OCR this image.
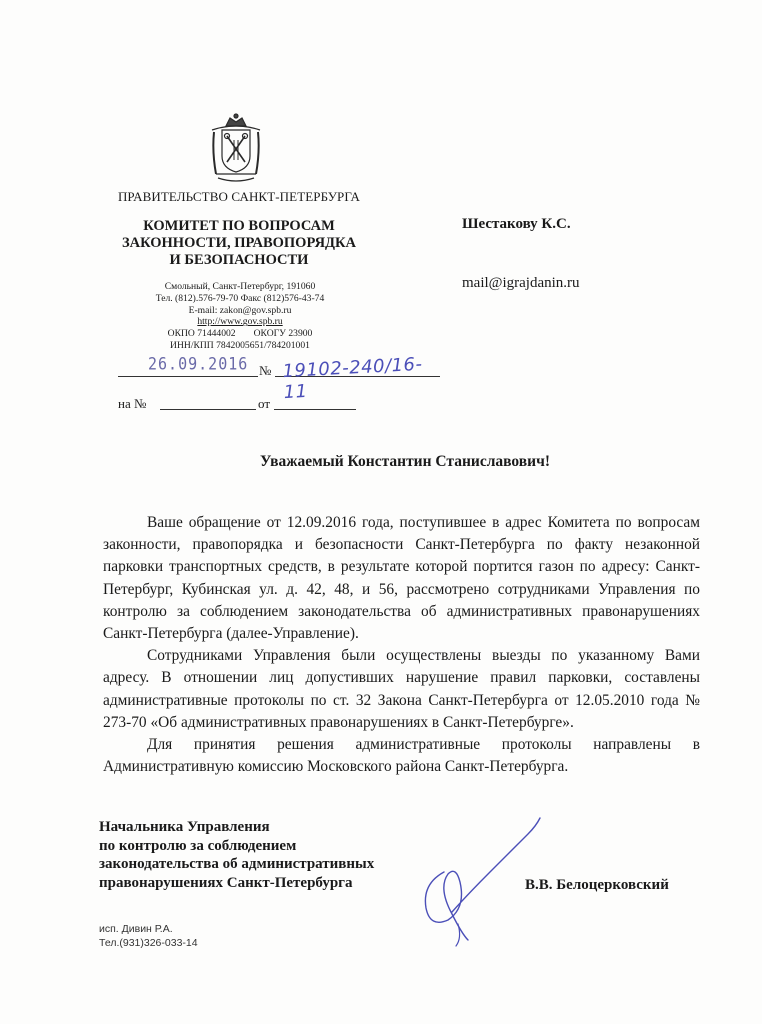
ПРАВИТЕЛЬСТВО САНКТ-ПЕТЕРБУРГА
КОМИТЕТ ПО ВОПРОСАМ
ЗАКОННОСТИ, ПРАВОПОРЯДКА
И БЕЗОПАСНОСТИ
Смольный, Санкт-Петербург, 191060
Тел. (812).576-79-70 Факс (812)576-43-74
E-mail: zakon@gov.spb.ru
http://www.gov.spb.ru
ОКПО 71444002 ОКОГУ 23900
ИНН/КПП 7842005651/784201001
26.09.2016 № 19102-240/16-11
на №	от
Шестакову К.С.
mail@igrajdanin.ru
Уважаемый Константин Станиславович!

Ваше обращение от 12.09.2016 года, поступившее в адрес Комитета по вопросам законности, правопорядка и безопасности Санкт-Петербурга по факту незаконной парковки транспортных средств, в результате которой портится газон по адресу: Санкт-Петербург, Кубинская ул. д. 42, 48, и 56, рассмотрено сотрудниками Управления по контролю за соблюдением законодательства об административных правонарушениях Санкт-Петербурга (далее-Управление).

Сотрудниками Управления были осуществлены выезды по указанному Вами адресу. В отношении лиц допустивших нарушение правил парковки, составлены административные протоколы по ст. 32 Закона Санкт-Петербурга от 12.05.2010 года № 273-70 «Об административных правонарушениях в Санкт-Петербурге».

Для принятия решения административные протоколы направлены в Административную комиссию Московского района Санкт-Петербурга.

Начальника Управления
по контролю за соблюдением
законодательства об административных
правонарушениях Санкт-Петербурга	В.В. Белоцерковский
исп. Дивин Р.А.
Тел.(931)326-033-14
